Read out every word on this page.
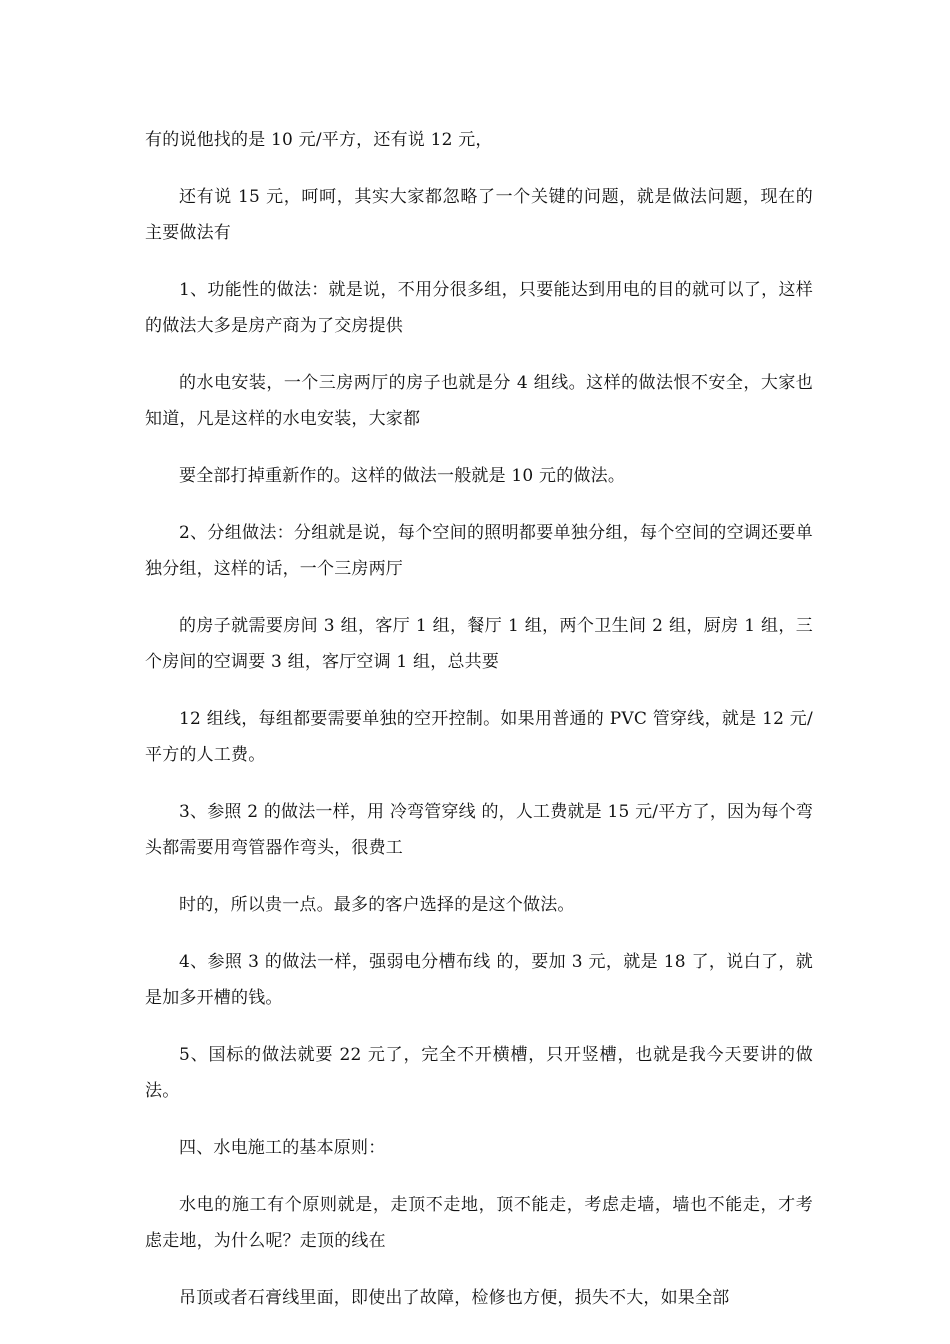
有的说他找的是 10 元/平方，还有说 12 元，

还有说 15 元，呵呵，其实大家都忽略了一个关键的问题，就是做法问题，现在的主要做法有

1、功能性的做法：就是说，不用分很多组，只要能达到用电的目的就可以了，这样的做法大多是房产商为了交房提供

的水电安装，一个三房两厅的房子也就是分 4 组线。这样的做法恨不安全，大家也知道，凡是这样的水电安装，大家都

要全部打掉重新作的。这样的做法一般就是 10 元的做法。

2、分组做法：分组就是说，每个空间的照明都要单独分组，每个空间的空调还要单独分组，这样的话，一个三房两厅

的房子就需要房间 3 组，客厅 1 组，餐厅 1 组，两个卫生间 2 组，厨房 1 组，三个房间的空调要 3 组，客厅空调 1 组，总共要

12 组线，每组都要需要单独的空开控制。如果用普通的 PVC 管穿线，就是 12 元/平方的人工费。

3、参照 2 的做法一样，用 冷弯管穿线 的，人工费就是 15 元/平方了，因为每个弯头都需要用弯管器作弯头，很费工

时的，所以贵一点。最多的客户选择的是这个做法。

4、参照 3 的做法一样，强弱电分槽布线 的，要加 3 元，就是 18 了，说白了，就是加多开槽的钱。

5、国标的做法就要 22 元了，完全不开横槽，只开竖槽，也就是我今天要讲的做法。

四、水电施工的基本原则：

水电的施工有个原则就是，走顶不走地，顶不能走，考虑走墙，墙也不能走，才考虑走地，为什么呢？走顶的线在

吊顶或者石膏线里面，即使出了故障，检修也方便，损失不大，如果全部
